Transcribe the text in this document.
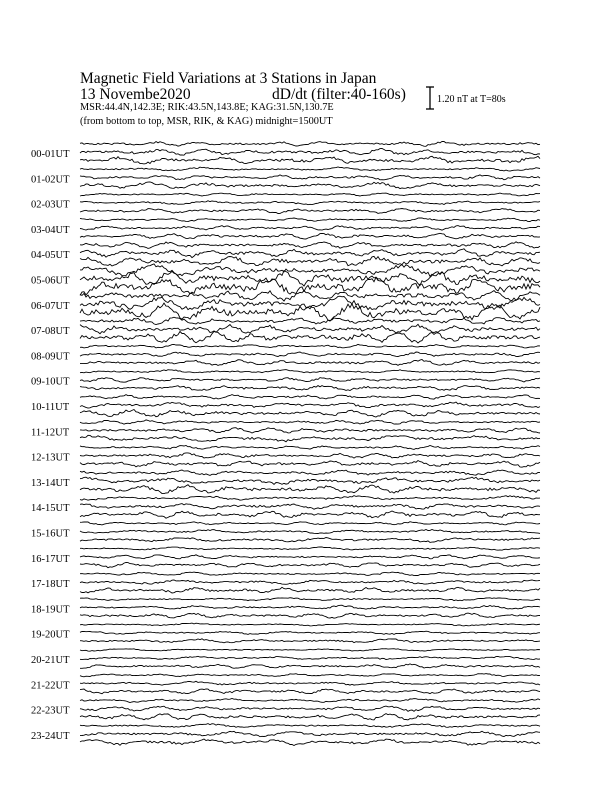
Magnetic Field Variations at 3 Stations in Japan
13 Novembe2020	dD/dt (filter:40-160s)
MSR:44.4N,142.3E; RIK:43.5N,143.8E; KAG:31.5N,130.7E
(from bottom to top, MSR, RIK, & KAG) midnight=1500UT
1.20 nT at T=80s
00-01UT
01-02UT
02-03UT
03-04UT
04-05UT
05-06UT
06-07UT
07-08UT
08-09UT
09-10UT
10-11UT
11-12UT
12-13UT
13-14UT
14-15UT
15-16UT
16-17UT
17-18UT
18-19UT
19-20UT
20-21UT
21-22UT
22-23UT
23-24UT
